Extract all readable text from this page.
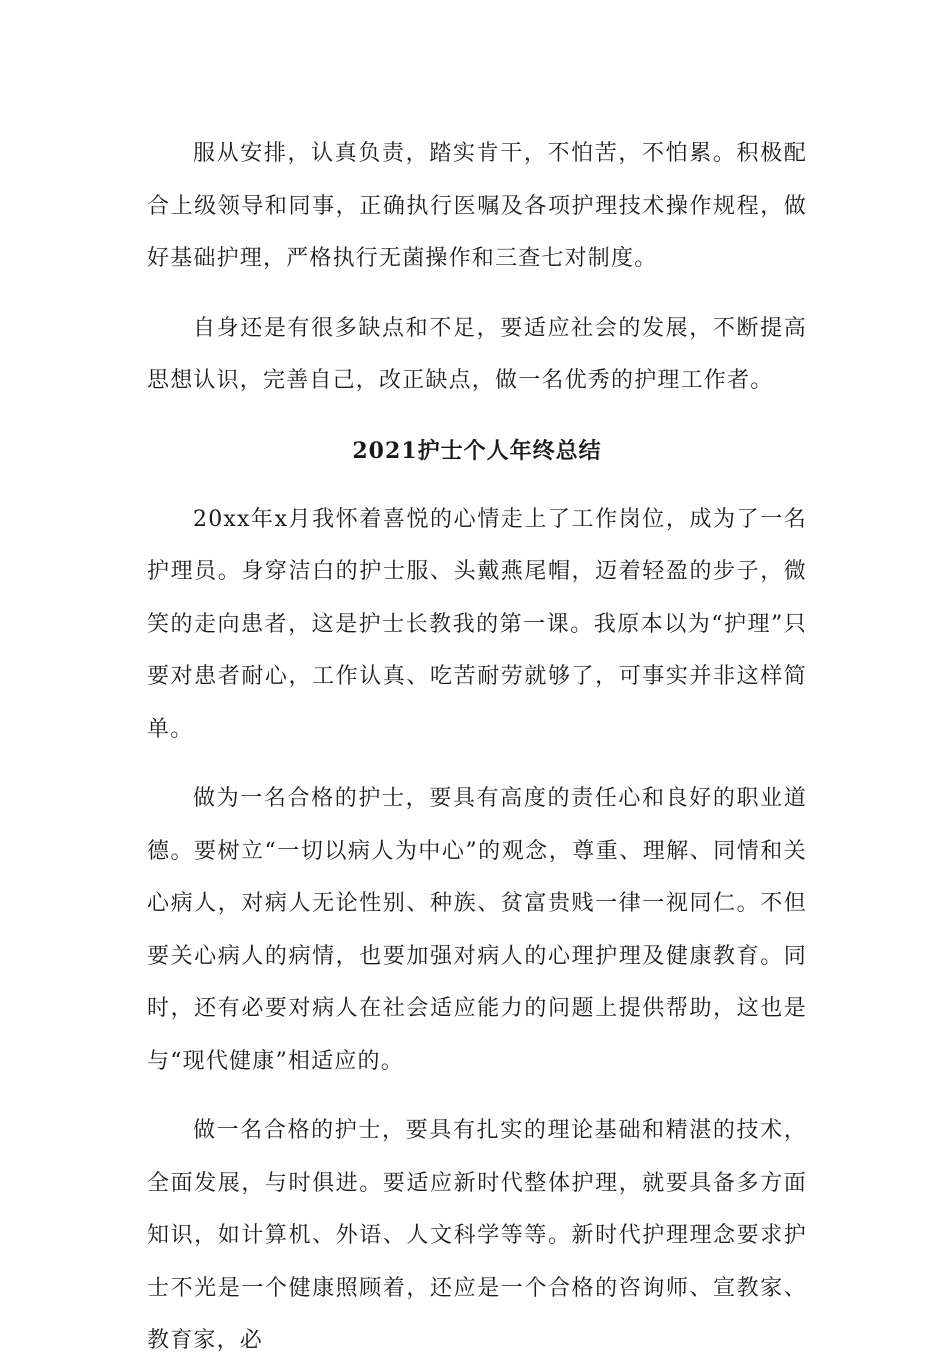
服从安排，认真负责，踏实肯干，不怕苦，不怕累。积极配合上级领导和同事，正确执行医嘱及各项护理技术操作规程，做好基础护理，严格执行无菌操作和三查七对制度。

自身还是有很多缺点和不足，要适应社会的发展，不断提高思想认识，完善自己，改正缺点，做一名优秀的护理工作者。

2021护士个人年终总结

20xx年x月我怀着喜悦的心情走上了工作岗位，成为了一名护理员。身穿洁白的护士服、头戴燕尾帽，迈着轻盈的步子，微笑的走向患者，这是护士长教我的第一课。我原本以为“护理”只要对患者耐心，工作认真、吃苦耐劳就够了，可事实并非这样简单。

做为一名合格的护士，要具有高度的责任心和良好的职业道德。要树立“一切以病人为中心”的观念，尊重、理解、同情和关心病人，对病人无论性别、种族、贫富贵贱一律一视同仁。不但要关心病人的病情，也要加强对病人的心理护理及健康教育。同时，还有必要对病人在社会适应能力的问题上提供帮助，这也是与“现代健康”相适应的。

做一名合格的护士，要具有扎实的理论基础和精湛的技术，全面发展，与时俱进。要适应新时代整体护理，就要具备多方面知识，如计算机、外语、人文科学等等。新时代护理理念要求护士不光是一个健康照顾着，还应是一个合格的咨询师、宣教家、教育家，必
